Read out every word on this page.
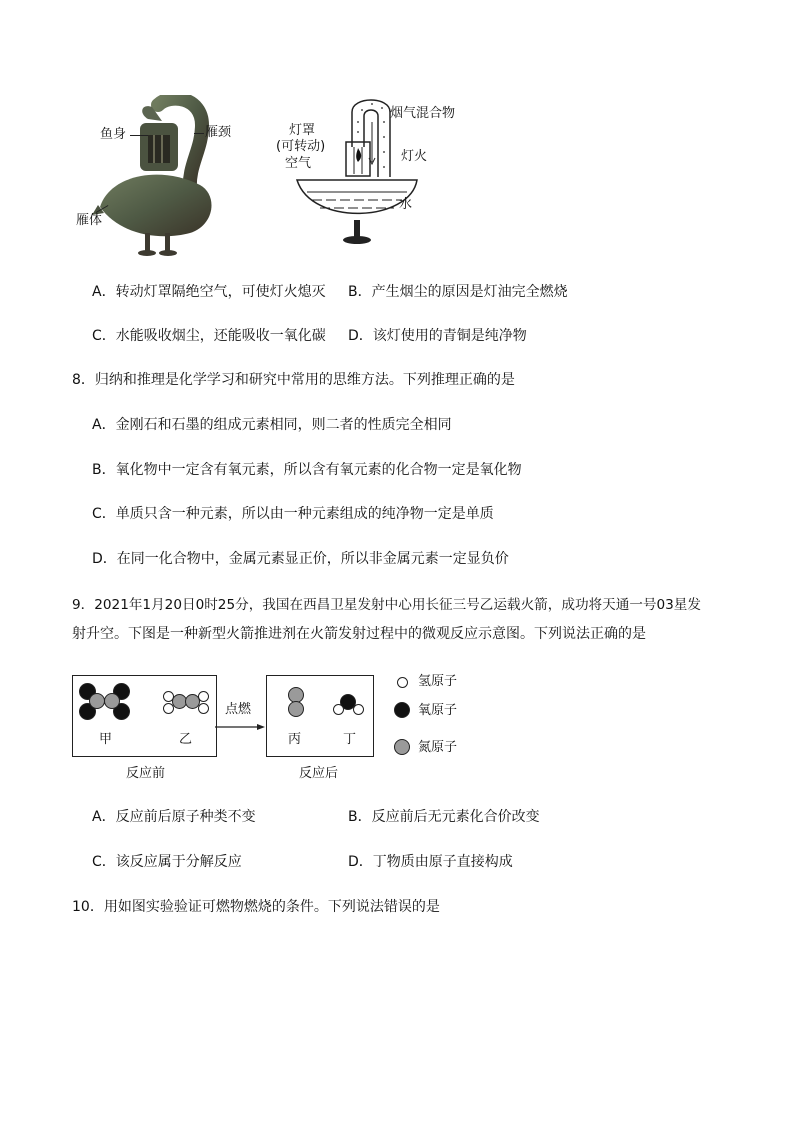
鱼身	雁颈
雁体
灯罩
(可转动)
空气
烟气混合物
灯火
水
A．转动灯罩隔绝空气，可使灯火熄灭 B．产生烟尘的原因是灯油完全燃烧
C．水能吸收烟尘，还能吸收一氧化碳 D．该灯使用的青铜是纯净物
8．归纳和推理是化学学习和研究中常用的思维方法。下列推理正确的是
A．金刚石和石墨的组成元素相同，则二者的性质完全相同
B．氧化物中一定含有氧元素，所以含有氧元素的化合物一定是氧化物
C．单质只含一种元素，所以由一种元素组成的纯净物一定是单质
D．在同一化合物中，金属元素显正价，所以非金属元素一定显负价
9．2021年1月20日0时25分，我国在西昌卫星发射中心用长征三号乙运载火箭，成功将天通一号03星发
射升空。下图是一种新型火箭推进剂在火箭发射过程中的微观反应示意图。下列说法正确的是
甲	乙
点燃
丙	丁
反应前	反应后
氢原子
氧原子
氮原子
A．反应前后原子种类不变	B．反应前后无元素化合价改变
C．该反应属于分解反应	D．丁物质由原子直接构成
10．用如图实验验证可燃物燃烧的条件。下列说法错误的是
